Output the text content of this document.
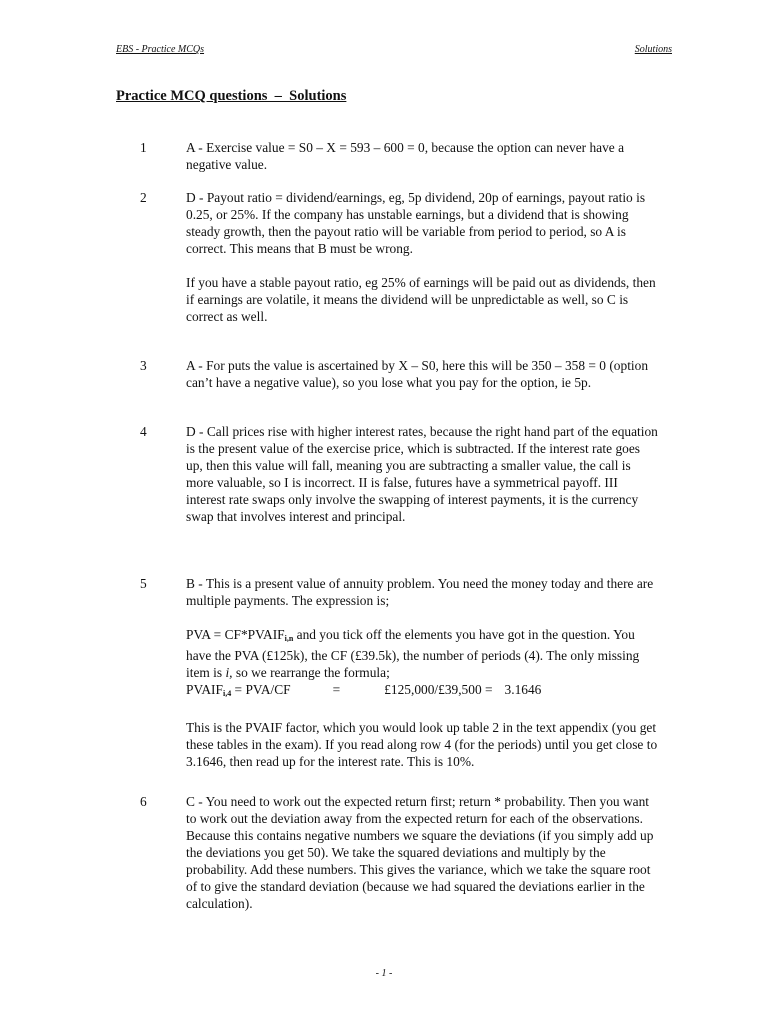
EBS - Practice MCQs	Solutions
Practice MCQ questions  –  Solutions
1	A - Exercise value = S0 – X = 593 – 600 = 0, because the option can never have a negative value.

2	D - Payout ratio = dividend/earnings, eg, 5p dividend, 20p of earnings, payout ratio is 0.25, or 25%. If the company has unstable earnings, but a dividend that is showing steady growth, then the payout ratio will be variable from period to period, so A is correct. This means that B must be wrong.

If you have a stable payout ratio, eg 25% of earnings will be paid out as dividends, then if earnings are volatile, it means the dividend will be unpredictable as well, so C is correct as well.

3	A - For puts the value is ascertained by X – S0, here this will be 350 – 358 = 0 (option can’t have a negative value), so you lose what you pay for the option, ie 5p.

4	D - Call prices rise with higher interest rates, because the right hand part of the equation is the present value of the exercise price, which is subtracted. If the interest rate goes up, then this value will fall, meaning you are subtracting a smaller value, the call is more valuable, so I is incorrect. II is false, futures have a symmetrical payoff. III interest rate swaps only involve the swapping of interest payments, it is the currency swap that involves interest and principal.

5	B - This is a present value of annuity problem. You need the money today and there are multiple payments. The expression is;

PVA = $CF*PVAIF_{i,n}$ and you tick off the elements you have got in the question. You have the PVA (£125k), the CF (£39.5k), the number of periods (4). The only missing item is i, so we rearrange the formula;
$PVAIF_{i,4} = PVA/CF$	=	£125,000/£39,500 = 3.1646

This is the PVAIF factor, which you would look up table 2 in the text appendix (you get these tables in the exam). If you read along row 4 (for the periods) until you get close to 3.1646, then read up for the interest rate. This is 10%.

6	C - You need to work out the expected return first; return * probability. Then you want to work out the deviation away from the expected return for each of the observations. Because this contains negative numbers we square the deviations (if you simply add up the deviations you get 50). We take the squared deviations and multiply by the probability. Add these numbers. This gives the variance, which we take the square root of to give the standard deviation (because we had squared the deviations earlier in the calculation).

- 1 -
